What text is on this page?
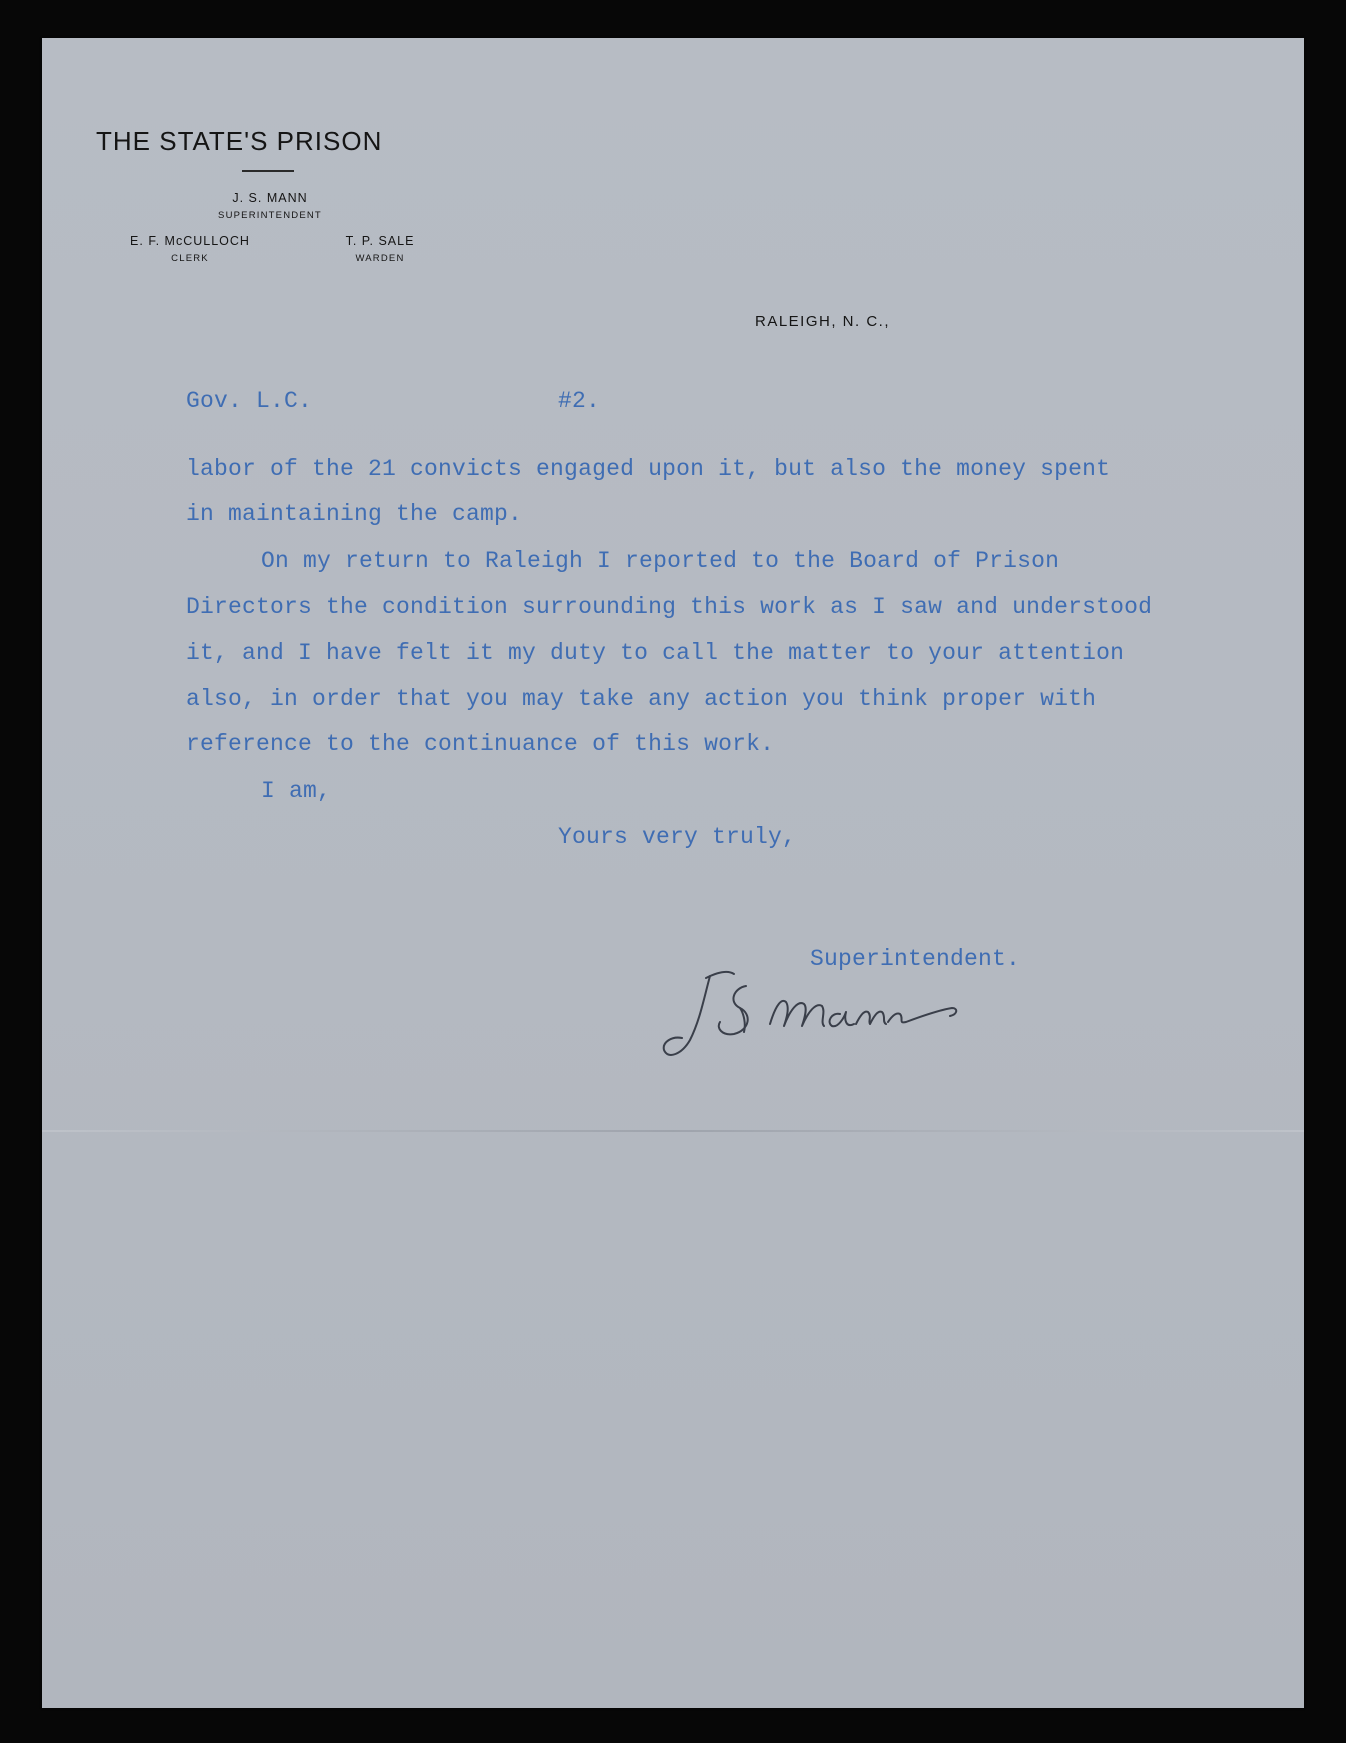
THE STATE'S PRISON
J. S. MANN
SUPERINTENDENT
E. F. McCULLOCH
CLERK
T. P. SALE
WARDEN
RALEIGH, N. C.,
Gov. L.C.	#2.
labor of the 21 convicts engaged upon it, but also the money spent
in maintaining the camp.
On my return to Raleigh I reported to the Board of Prison
Directors the condition surrounding this work as I saw and understood
it, and I have felt it my duty to call the matter to your attention
also, in order that you may take any action you think proper with
reference to the continuance of this work.
I am,
Yours very truly,
Superintendent.
